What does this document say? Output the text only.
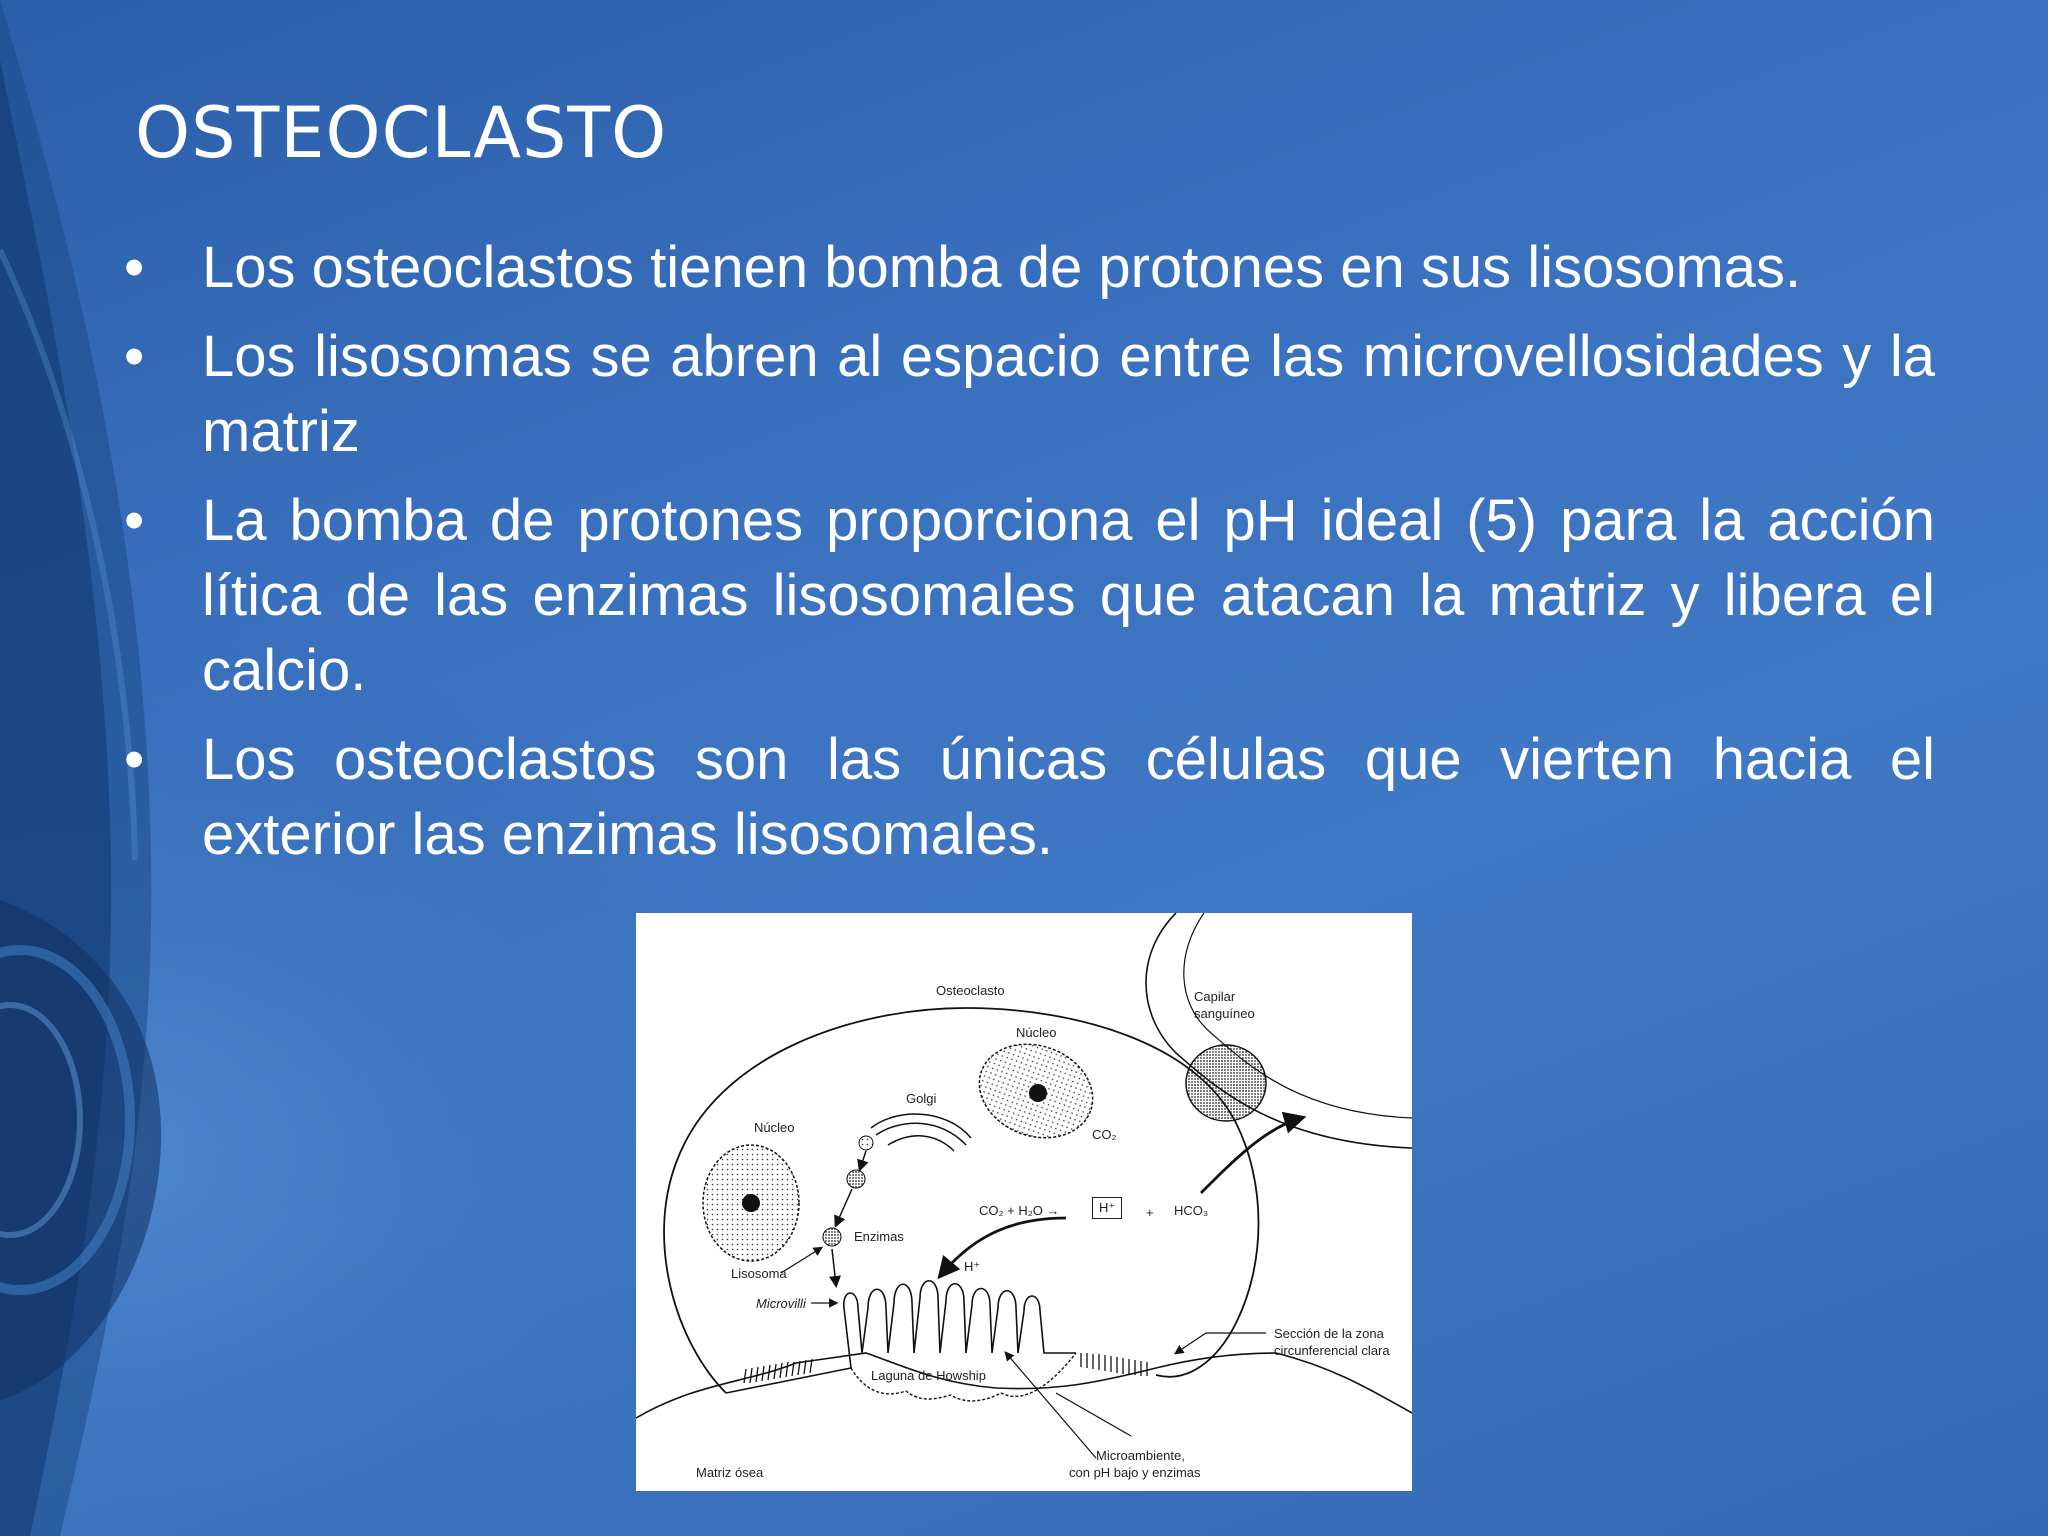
OSTEOCLASTO
• Los osteoclastos tienen bomba de protones en sus lisosomas.
• Los lisosomas se abren al espacio entre las microvellosidades y la matriz
• La bomba de protones proporciona el pH ideal (5) para la acción lítica de las enzimas lisosomales que atacan la matriz y libera el calcio.
• Los osteoclastos son las únicas células que vierten hacia el exterior las enzimas lisosomales.
Osteoclasto	Capilar
sanguíneo
Núcleo
Golgi
Núcleo	CO₂
CO₂ + H₂O →	H⁺	+ HCO₃
Enzimas
H⁺
Lisosoma
Microvilli
Sección de la zona
circunferencial clara
Laguna de Howship
Microambiente,
con pH bajo y enzimas
Matriz ósea
